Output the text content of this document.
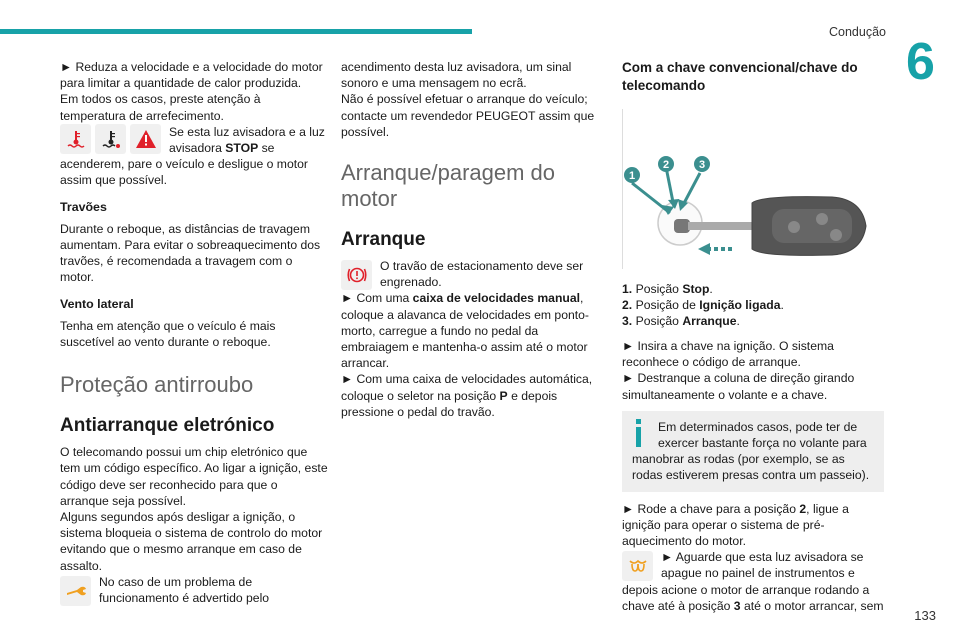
Condução
6
133

► Reduza a velocidade e a velocidade do motor para limitar a quantidade de calor produzida.

Em todos os casos, preste atenção à temperatura de arrefecimento.

Se esta luz avisadora e a luz avisadora STOP se acenderem, pare o veículo e desligue o motor assim que possível.
Travões

Durante o reboque, as distâncias de travagem aumentam. Para evitar o sobreaquecimento dos travões, é recomendada a travagem com o motor.

Vento lateral

Tenha em atenção que o veículo é mais suscetível ao vento durante o reboque.

Proteção antirroubo
Antiarranque eletrónico

O telecomando possui um chip eletrónico que tem um código específico. Ao ligar a ignição, este código deve ser reconhecido para que o arranque seja possível.

Alguns segundos após desligar a ignição, o sistema bloqueia o sistema de controlo do motor evitando que o mesmo arranque em caso de assalto.

No caso de um problema de funcionamento é advertido pelo

acendimento desta luz avisadora, um sinal sonoro e uma mensagem no ecrã.

Não é possível efetuar o arranque do veículo; contacte um revendedor PEUGEOT assim que possível.

Arranque/paragem do motor
Arranque
O travão de estacionamento deve ser engrenado.

► Com uma caixa de velocidades manual, coloque a alavanca de velocidades em ponto-morto, carregue a fundo no pedal da embraiagem e mantenha-o assim até o motor arrancar.

► Com uma caixa de velocidades automática, coloque o seletor na posição P e depois pressione o pedal do travão.

Com a chave convencional/chave do telecomando
1
2	3
1. Posição Stop.
2. Posição de Ignição ligada.
3. Posição Arranque.

► Insira a chave na ignição. O sistema reconhece o código de arranque.

► Destranque a coluna de direção girando simultaneamente o volante e a chave.

Em determinados casos, pode ter de exercer bastante força no volante para manobrar as rodas (por exemplo, se as rodas estiverem presas contra um passeio).

► Rode a chave para a posição 2, ligue a ignição para operar o sistema de pré-aquecimento do motor.

► Aguarde que esta luz avisadora se apague no painel de instrumentos e depois acione o motor de arranque rodando a chave até à posição 3 até o motor arrancar, sem
